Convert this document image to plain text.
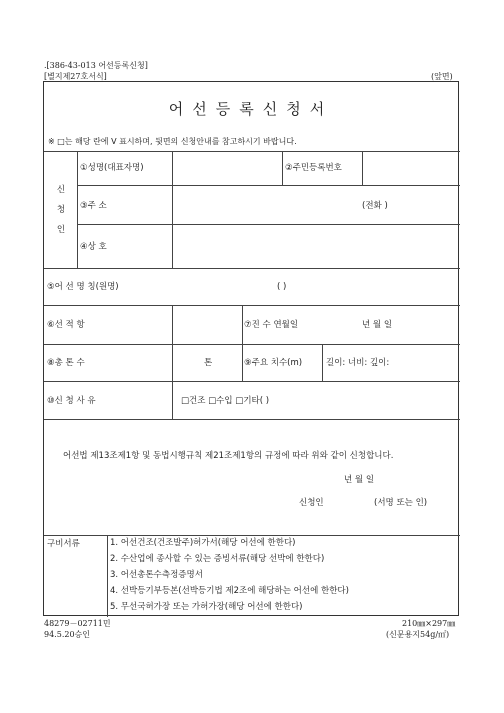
.[386-43-013 어선등록신청]
[별지제27호서식]	(앞면)
어선등록신청서
※ □는 해당 란에 V 표시하며, 뒷면의 신청안내를 참고하시기 바랍니다.
신
청
인
①성명(대표자명)	②주민등록번호
③주 소	(전화 )
④상 호
⑤어 선 명 칭(원명)	( )
⑥선 적 항	⑦진 수 연월일	년 월 일
⑧총 톤 수	톤	⑨주요 치수(m)	길이: 너비: 깊이:
⑩신 청 사 유	□건조 □수입 □기타( )
어선법 제13조제1항 및 동법시행규칙 제21조제1항의 규정에 따라 위와 같이 신청합니다.
년 월 일
신청인	(서명 또는 인)
구비서류	1. 어선건조(건조발주)허가서(해당 어선에 한한다)
2. 수산업에 종사할 수 있는 증빙서류(해당 선박에 한한다)
3. 어선총톤수측정증명서
4. 선박등기부등본(선박등기법 제2조에 해당하는 어선에 한한다)
5. 무선국허가장 또는 가허가장(해당 어선에 한한다)
48279－02711민
94.5.20승인
210㎜×297㎜
(신문용지54g/㎡)
